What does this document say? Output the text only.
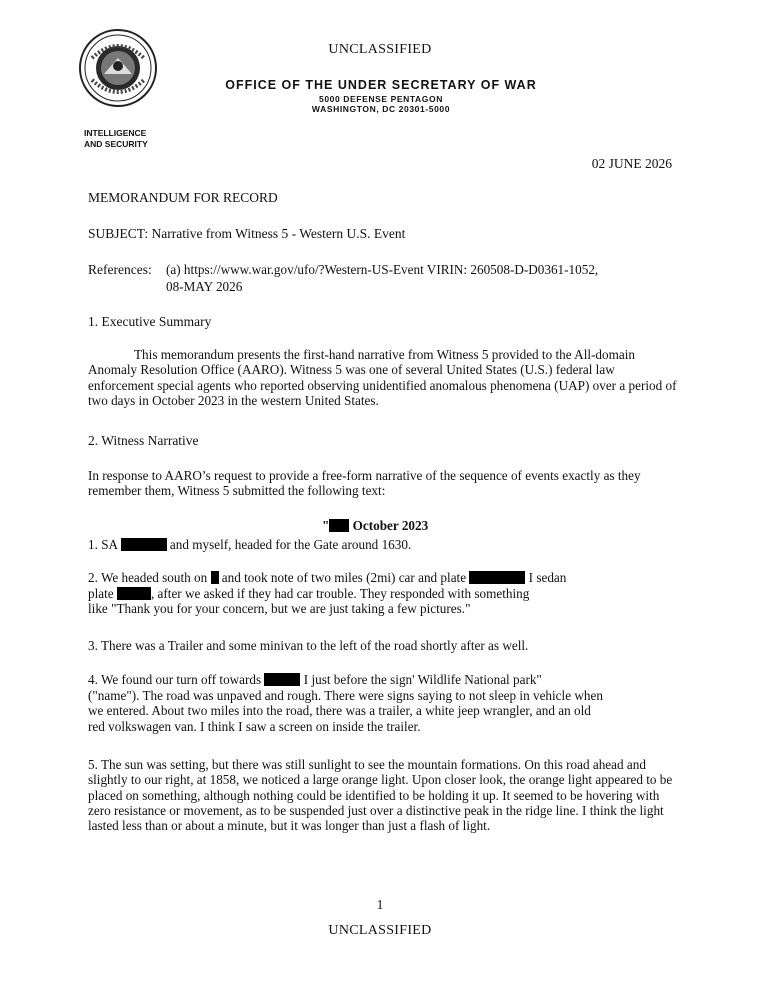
UNCLASSIFIED
OFFICE OF THE UNDER SECRETARY OF WAR
5000 DEFENSE PENTAGON
WASHINGTON, DC 20301-5000
INTELLIGENCE
AND SECURITY
02 JUNE 2026
MEMORANDUM FOR RECORD
SUBJECT: Narrative from Witness 5 - Western U.S. Event
References: (a) https://www.war.gov/ufo/?Western-US-Event VIRIN: 260508-D-D0361-1052,
08-MAY 2026
1. Executive Summary
This memorandum presents the first-hand narrative from Witness 5 provided to the All-domain Anomaly Resolution Office (AARO). Witness 5 was one of several United States (U.S.) federal law enforcement special agents who reported observing unidentified anomalous phenomena (UAP) over a period of two days in October 2023 in the western United States.
2. Witness Narrative
In response to AARO’s request to provide a free-form narrative of the sequence of events exactly as they remember them, Witness 5 submitted the following text:
" October 2023
1. SA	and myself, headed for the Gate around 1630.
2. We headed south on  and took note of two miles (2mi) car and plate	I sedan
plate	, after we asked if they had car trouble. They responded with something
like "Thank you for your concern, but we are just taking a few pictures."
3. There was a Trailer and some minivan to the left of the road shortly after as well.
4. We found our turn off towards	I just before the sign' Wildlife National park"
("name"). The road was unpaved and rough. There were signs saying to not sleep in vehicle when
we entered. About two miles into the road, there was a trailer, a white jeep wrangler, and an old
red volkswagen van. I think I saw a screen on inside the trailer.
5. The sun was setting, but there was still sunlight to see the mountain formations. On this road ahead and slightly to our right, at 1858, we noticed a large orange light. Upon closer look, the orange light appeared to be placed on something, although nothing could be identified to be holding it up. It seemed to be hovering with zero resistance or movement, as to be suspended just over a distinctive peak in the ridge line. I think the light lasted less than or about a minute, but it was longer than just a flash of light.
1
UNCLASSIFIED
